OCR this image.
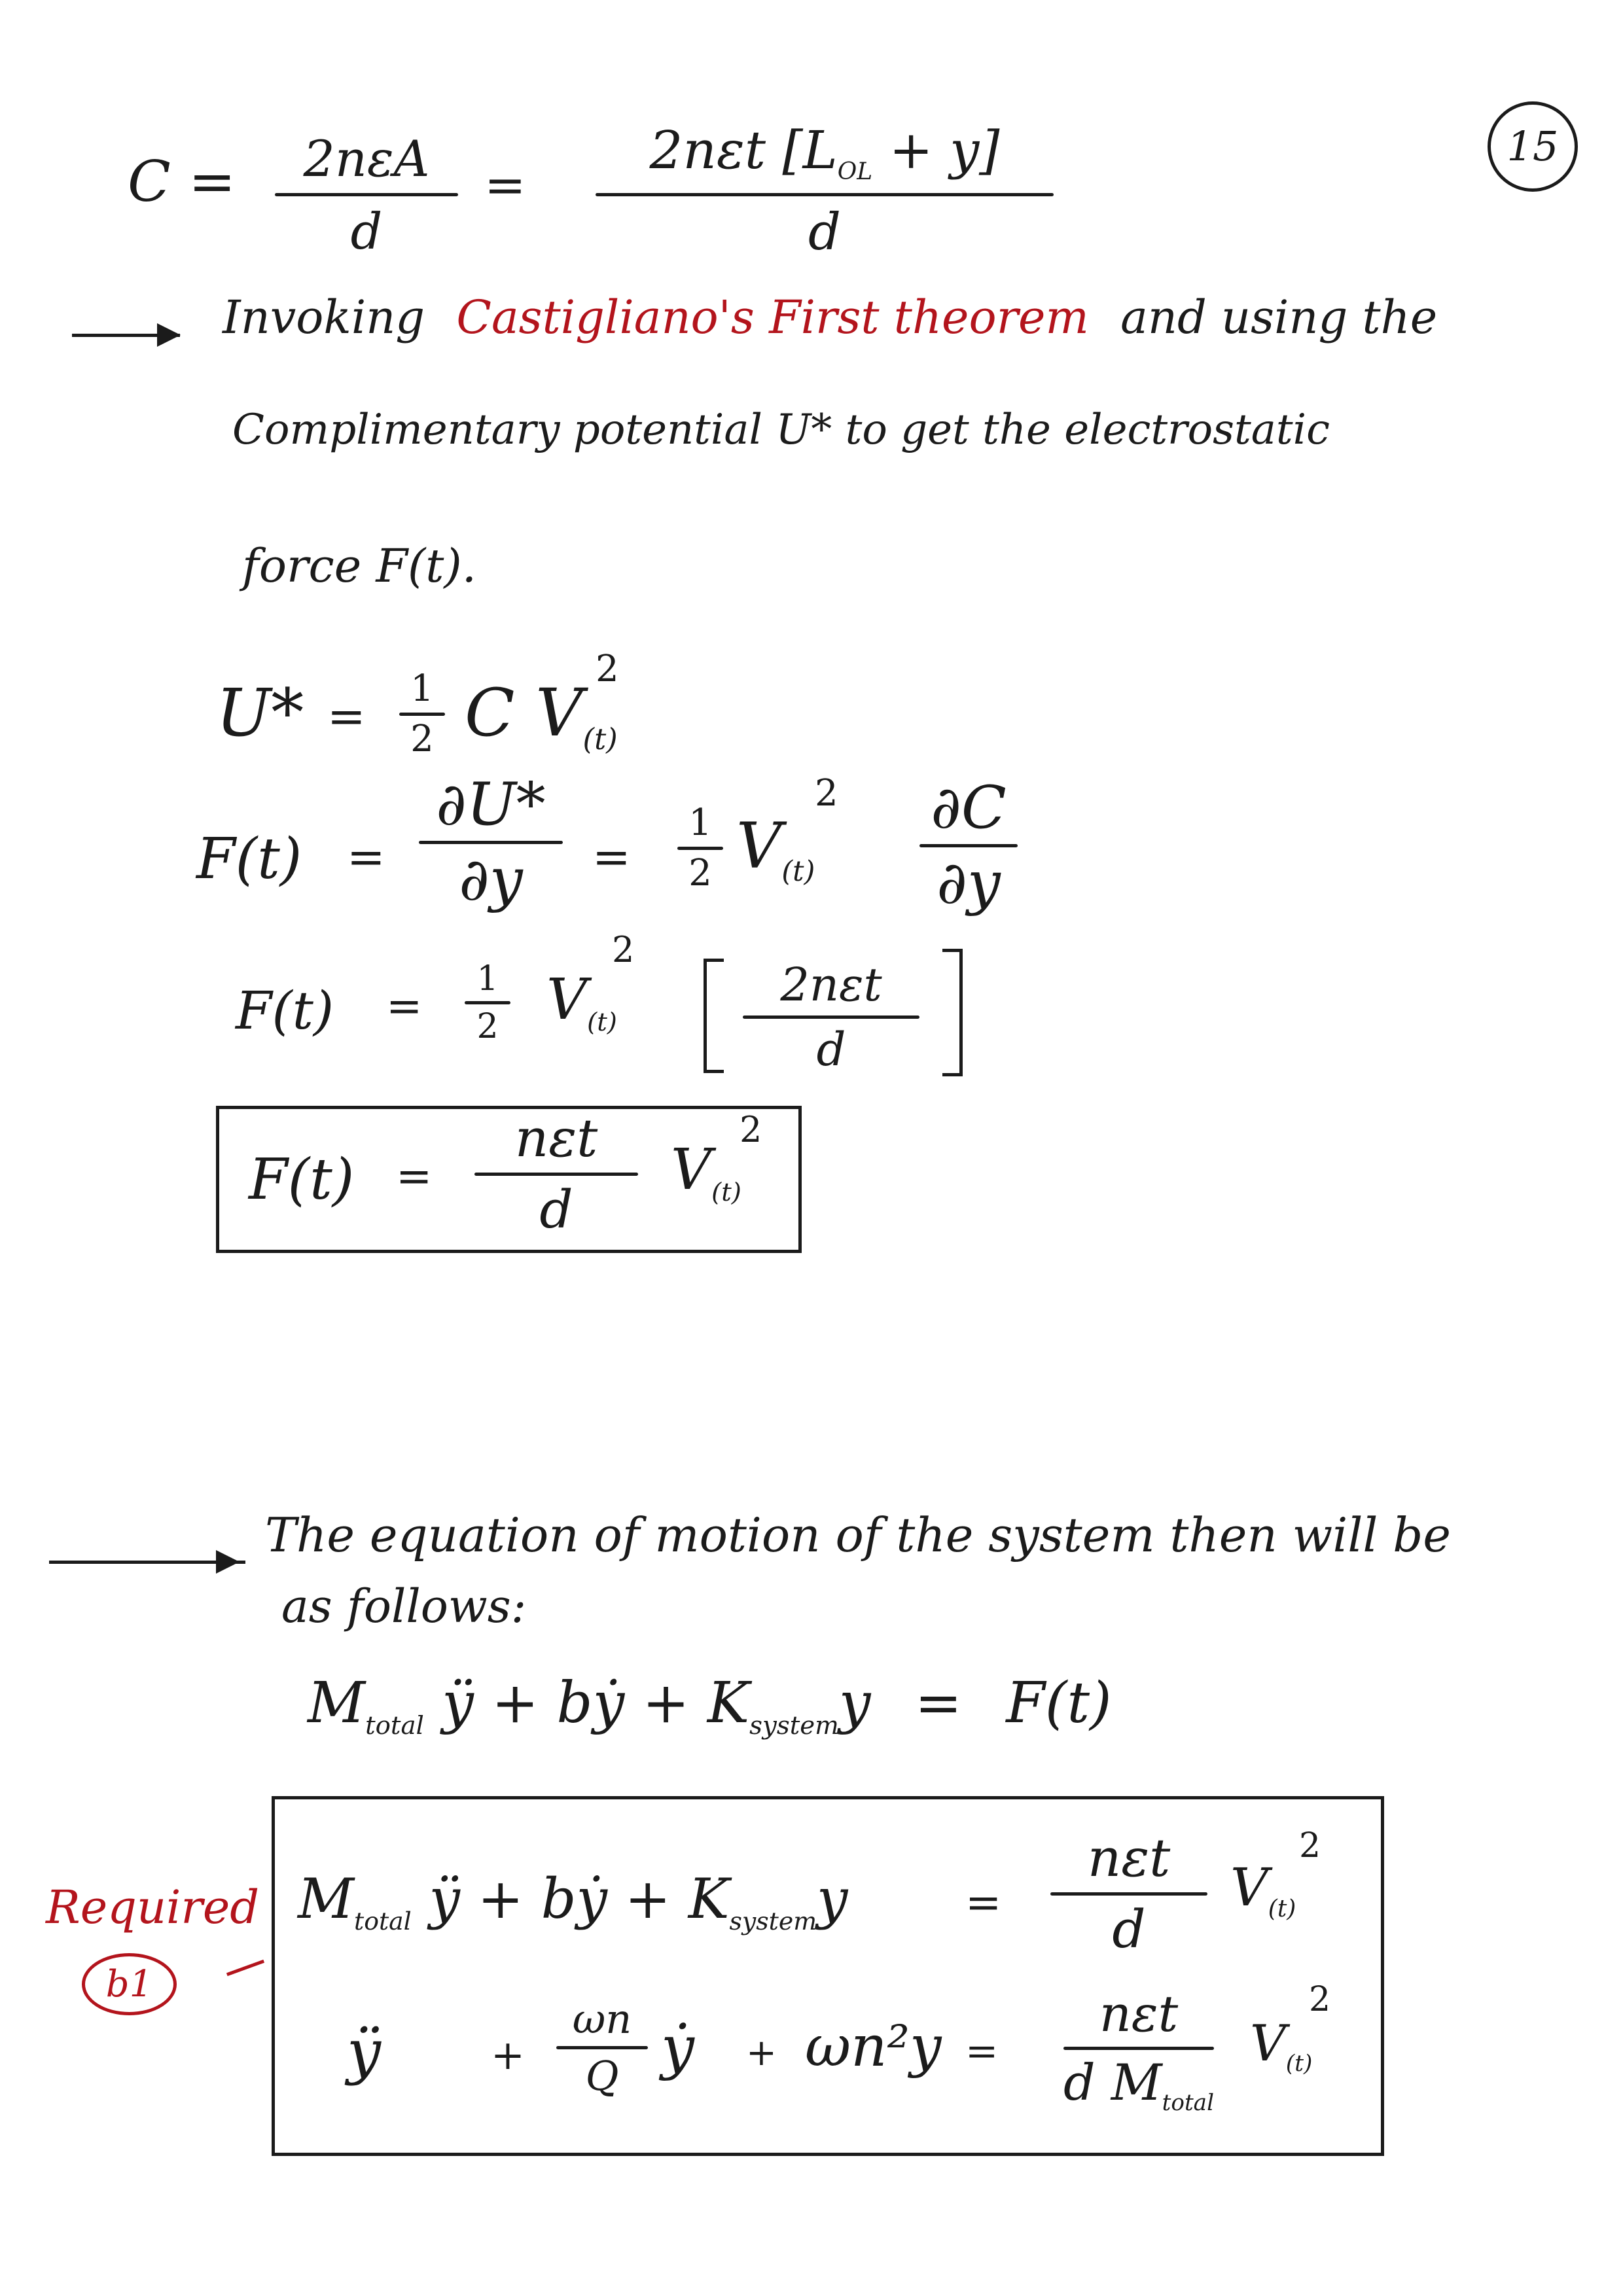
15
C = 2nεA
d
=
2nεt $[L_{OL} + y]$
d
Invoking Castigliano's First theorem and using the
Complimentary potential U* to get the electrostatic
force F(t).
U* =
1
2 C $V_{(t)}$
2
F(t) =
∂U*
∂y =
1
2 $V_{(t)}$
2 ∂C
∂y
F(t) =
1
2 $V_{(t)}$
2
2nεt
d
F(t) =
nεt
d
$V_{(t)}$
2
The equation of motion of the system then will be
as follows:
$M_{total}$ ÿ + bẏ + $K_{system}y = F(t)$
Required
b1
$M_{total}$ ÿ + bẏ + $K_{system}y$	=
nεt
d
$V_{(t)}$
2
ÿ	+
ωn
Q ẏ + ωn²y =
nεt
d $M_{total}$
$V_{(t)}$
2
